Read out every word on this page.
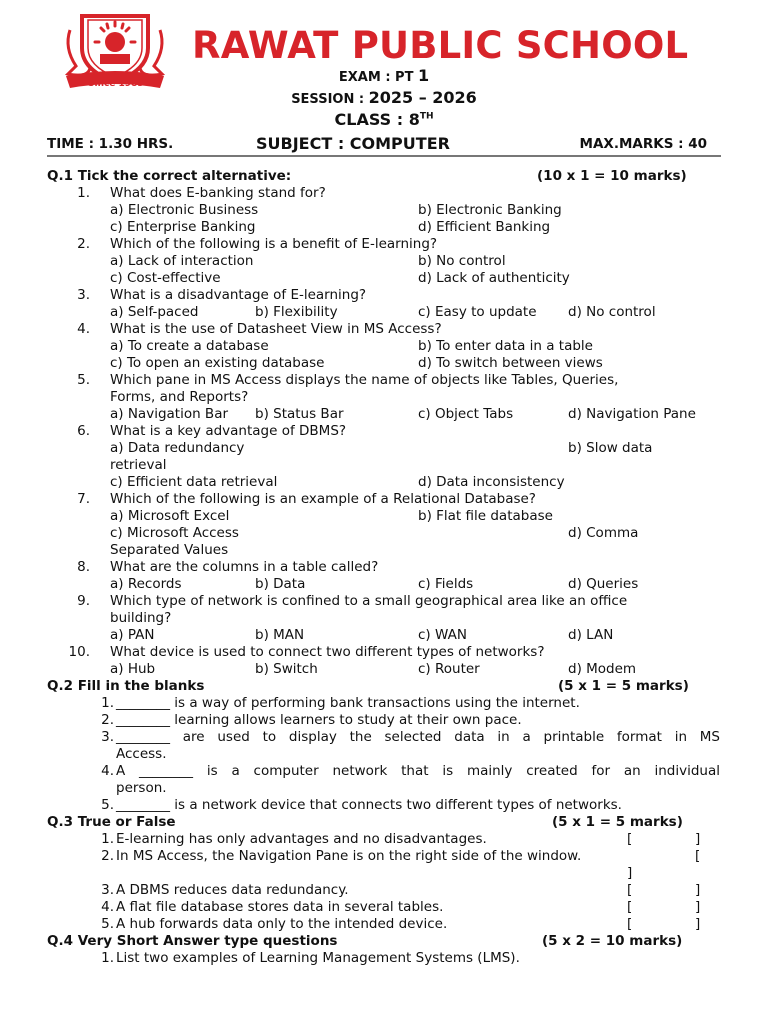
Since 1983
RAWAT PUBLIC SCHOOL
EXAM : PT 1
SESSION : 2025 – 2026
CLASS : 8TH
TIME : 1.30 HRS.	SUBJECT : COMPUTER	MAX.MARKS : 40
Q.1 Tick the correct alternative:	(10 x 1 = 10 marks)
1. What does E-banking stand for?
a) Electronic Business	b) Electronic Banking
c) Enterprise Banking	d) Efficient Banking
2. Which of the following is a benefit of E-learning?
a) Lack of interaction	b) No control
c) Cost-effective	d) Lack of authenticity
3. What is a disadvantage of E-learning?
a) Self-paced	b) Flexibility	c) Easy to update d) No control
4. What is the use of Datasheet View in MS Access?
a) To create a database	b) To enter data in a table
c) To open an existing database	d) To switch between views
5. Which pane in MS Access displays the name of objects like Tables, Queries,
Forms, and Reports?
a) Navigation Bar b) Status Bar	c) Object Tabs	d) Navigation Pane
6. What is a key advantage of DBMS?
a) Data redundancy	b) Slow data
retrieval
c) Efficient data retrieval	d) Data inconsistency
7. Which of the following is an example of a Relational Database?
a) Microsoft Excel	b) Flat file database
c) Microsoft Access	d) Comma
Separated Values
8. What are the columns in a table called?
a) Records	b) Data	c) Fields	d) Queries
9. Which type of network is confined to a small geographical area like an office
building?
a) PAN	b) MAN	c) WAN	d) LAN
10. What device is used to connect two different types of networks?
a) Hub	b) Switch	c) Router	d) Modem
Q.2 Fill in the blanks	(5 x 1 = 5 marks)
1. ________ is a way of performing bank transactions using the internet.
2. ________ learning allows learners to study at their own pace.
3. ________ are used to display the selected data in a printable format in MS
Access.
4. A ________ is a computer network that is mainly created for an individual
person.
5. ________ is a network device that connects two different types of networks.
Q.3 True or False	(5 x 1 = 5 marks)
1. E-learning has only advantages and no disadvantages.	[	]
2. In MS Access, the Navigation Pane is on the right side of the window.	[
]
3. A DBMS reduces data redundancy.	[	]
4. A flat file database stores data in several tables.	[	]
5. A hub forwards data only to the intended device.	[	]
Q.4 Very Short Answer type questions	(5 x 2 = 10 marks)
1. List two examples of Learning Management Systems (LMS).
